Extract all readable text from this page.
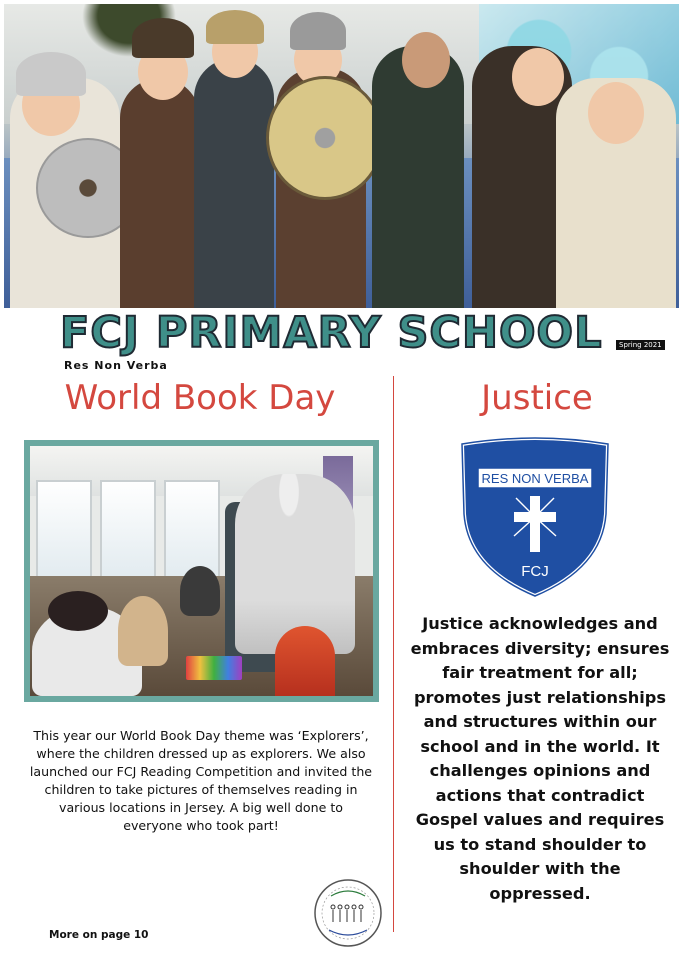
FCJ PRIMARY SCHOOL
Res Non Verba
Spring 2021
World Book Day	Justice
This year our World Book Day theme was ‘Explorers’, where the children dressed up as explorers. We also launched our FCJ Reading Competition and invited the children to take pictures of themselves reading in various locations in Jersey. A big well done to everyone who took part!
More on page 10
RES NON VERBA
FCJ
Justice acknowledges and embraces diversity; ensures fair treatment for all; promotes just relationships and structures within our school and in the world. It challenges opinions and actions that contradict Gospel values and requires us to stand shoulder to shoulder with the oppressed.
